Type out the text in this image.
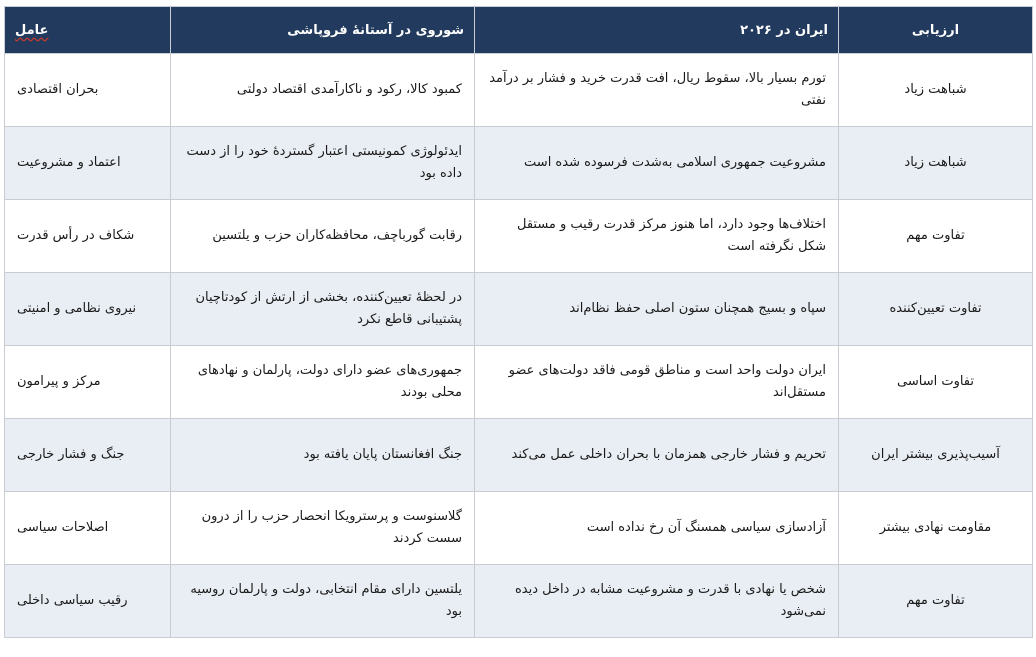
عامل	شوروی در آستانهٔ فروپاشی	ایران در ۲۰۲۶	ارزیابی
بحران اقتصادی	کمبود کالا، رکود و ناکارآمدی اقتصاد دولتی	تورم بسیار بالا، سقوط ریال، افت قدرت خرید و فشار بر درآمد نفتی	شباهت زیاد
اعتماد و مشروعیت	ایدئولوژی کمونیستی اعتبار گستردهٔ خود را از دست داده بود	مشروعیت جمهوری اسلامی به‌شدت فرسوده شده است	شباهت زیاد
شکاف در رأس قدرت	رقابت گورباچف، محافظه‌کاران حزب و یلتسین	اختلاف‌ها وجود دارد، اما هنوز مرکز قدرت رقیب و مستقل شکل نگرفته است	تفاوت مهم
نیروی نظامی و امنیتی	در لحظهٔ تعیین‌کننده، بخشی از ارتش از کودتاچیان پشتیبانی قاطع نکرد	سپاه و بسیج همچنان ستون اصلی حفظ نظام‌اند	تفاوت تعیین‌کننده
مرکز و پیرامون	جمهوری‌های عضو دارای دولت، پارلمان و نهادهای محلی بودند	ایران دولت واحد است و مناطق قومی فاقد دولت‌های عضو مستقل‌اند	تفاوت اساسی
جنگ و فشار خارجی	جنگ افغانستان پایان یافته بود	تحریم و فشار خارجی همزمان با بحران داخلی عمل می‌کند	آسیب‌پذیری بیشتر ایران
اصلاحات سیاسی	گلاسنوست و پرسترویکا انحصار حزب را از درون سست کردند	آزادسازی سیاسی همسنگ آن رخ نداده است	مقاومت نهادی بیشتر
رقیب سیاسی داخلی	یلتسین دارای مقام انتخابی، دولت و پارلمان روسیه بود	شخص یا نهادی با قدرت و مشروعیت مشابه در داخل دیده نمی‌شود	تفاوت مهم
